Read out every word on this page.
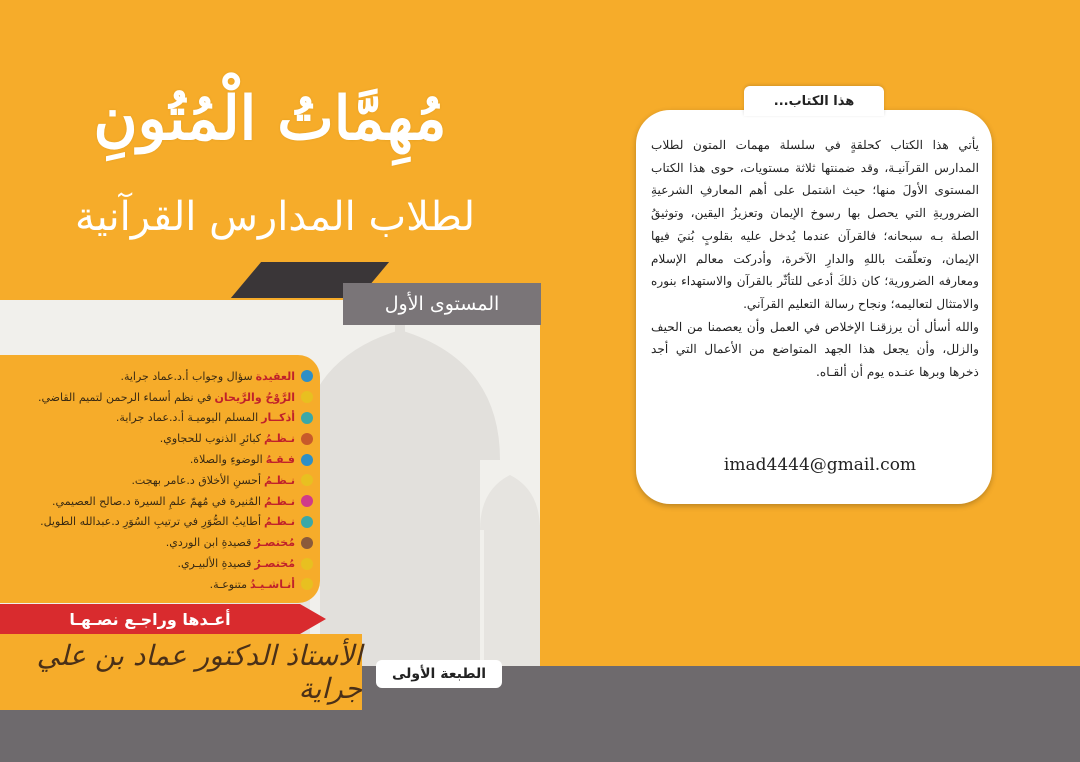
المستوى الأول
مُهِمَّاتُ الْمُتُونِ
لطلاب المدارس القرآنية
العقيدة
سؤال وجواب أ.د.عماد جراية.
الرَّوْحُ والرَّيحان
في نظم أسماء الرحمن لتميم القاضي.
أذكــار
المسلم اليوميـة أ.د.عماد جراية.
نـظـمُ
كبائرِ الذنوب للحجاوي.
فـقـهُ
الوضوءِ والصلاة.
نـظـمُ
أحسنِ الأخلاق د.عامر بهجت.
نـظـمُ
المُنيرة في مُهمّ علمِ السيرة د.صالح العصيمي.
نـظـمُ
أطايبُ الصُّوَرِ في ترتيبِ السُوَرِ د.عبدالله الطويل.
مُختصـرُ
قصيدةِ ابن الوردي.
مُختصـرُ
قصيدةِ الألبيـري.
أنـاشـيـدُ
متنوعـة.
أعـدها وراجـع نصـهـا
الأستاذ الدكتور عماد بن علي جراية	الطبعة الأولى
هذا الكتاب...

يأتي هذا الكتاب كحلقةٍ في سلسلة مهمات المتون لطلاب المدارس القرآنيـة، وقد ضمنتها ثلاثة مستويات، حوى هذا الكتاب المستوى الأولَ منها؛ حيث اشتمل على أهم المعارفِ الشرعيةِ الضروريةِ التي يحصل بها رسوخ الإيمان وتعزيزُ اليقين، وتوثيقُ الصلة بـه سبحانه؛ فالقرآن عندما يُدخل عليه بقلوبٍ بُنيَ فيها الإيمان، وتعلّقت باللهِ والدارِ الآخرة، وأدركت معالم الإسلام ومعارفه الضرورية؛ كان ذلكَ أدعى للتأثّر بالقرآن والاستهداء بنوره والامتثال لتعاليمه؛ ونجاح رسالة التعليم القرآني.

والله أسأل أن يرزقنـا الإخلاص في العمل وأن يعصمنا من الحيف والزلل، وأن يجعل هذا الجهد المتواضع من الأعمال التي أجد ذخرها وبرها عنـده يوم أن ألقـاه.

imad4444@gmail.com
